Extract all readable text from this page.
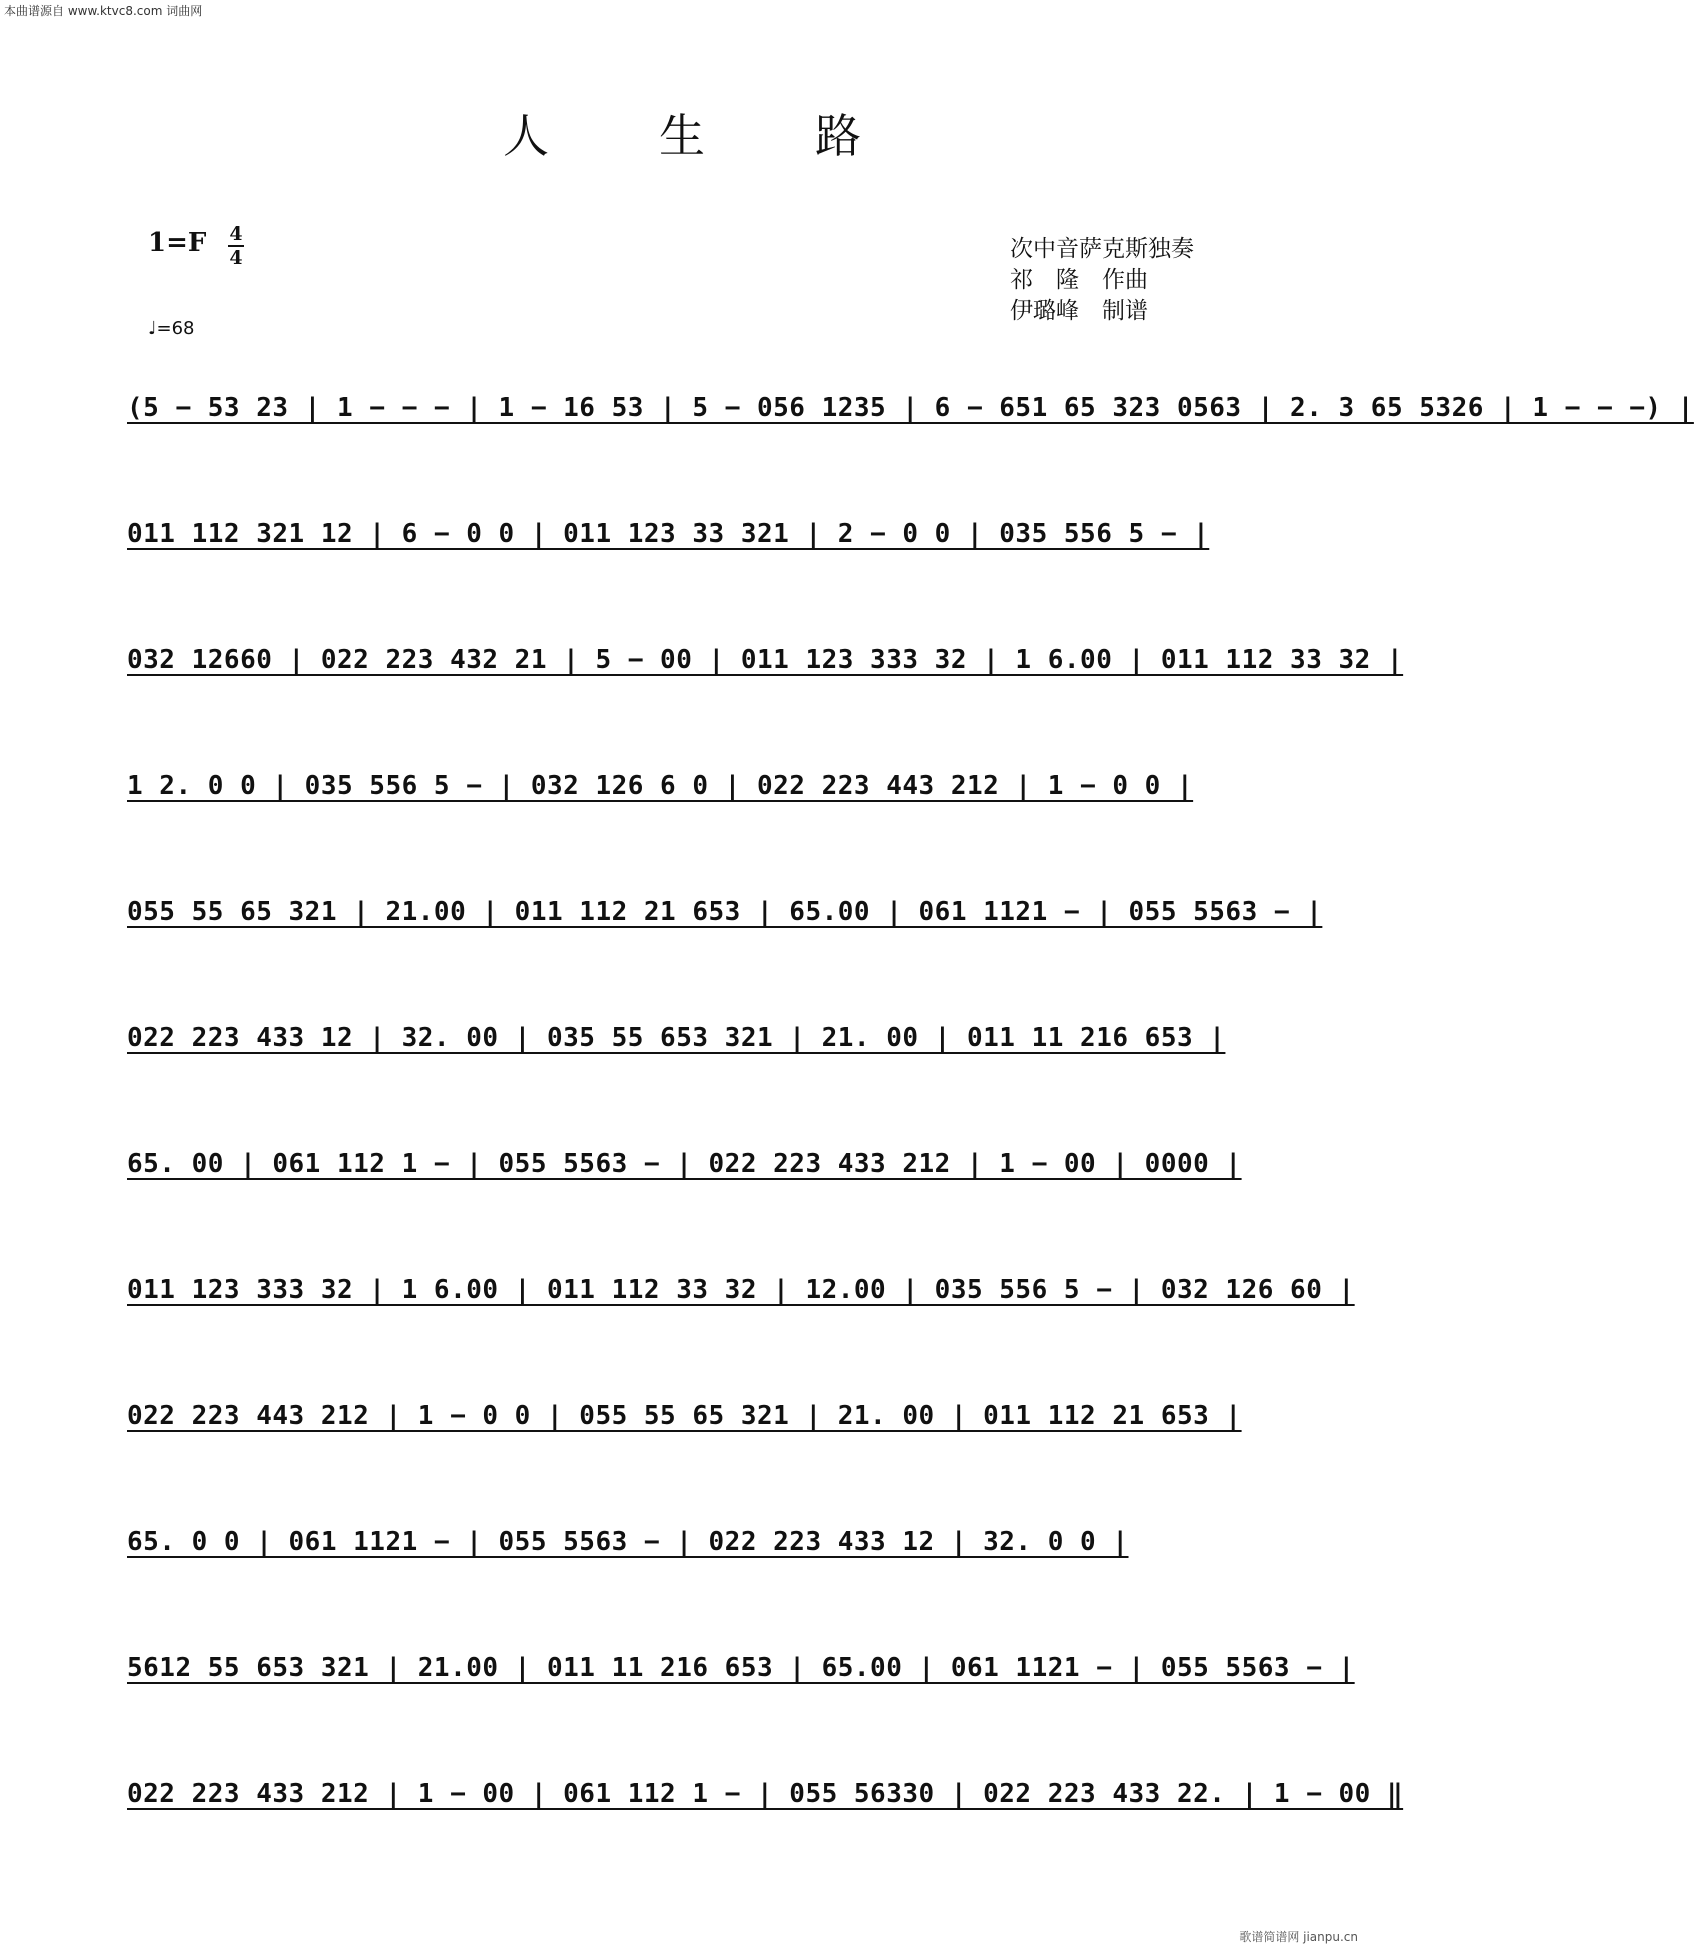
本曲谱源自 www.ktvc8.com 词曲网
人生路
1=F 4
4
♩=68
次中音萨克斯独奏
祁　隆　作曲
伊璐峰　制谱
(5 − 53 23 | 1 − − − | 1 − 16 53 | 5 − 056 1235 | 6 − 651 65 323 0563 | 2. 3 65 5326 | 1 − − −) |
011 112 321 12 | 6 − 0 0 | 011 123 33 321 | 2 − 0 0 | 035 556 5 − |
032 12660 | 022 223 432 21 | 5 − 00 | 011 123 333 32 | 1 6.00 | 011 112 33 32 |
1 2. 0 0 | 035 556 5 − | 032 126 6 0 | 022 223 443 212 | 1 − 0 0 |
055 55 65 321 | 21.00 | 011 112 21 653 | 65.00 | 061 1121 − | 055 5563 − |
022 223 433 12 | 32. 00 | 035 55 653 321 | 21. 00 | 011 11 216 653 |
65. 00 | 061 112 1 − | 055 5563 − | 022 223 433 212 | 1 − 00 | 0000 |
011 123 333 32 | 1 6.00 | 011 112 33 32 | 12.00 | 035 556 5 − | 032 126 60 |
022 223 443 212 | 1 − 0 0 | 055 55 65 321 | 21. 00 | 011 112 21 653 |
65. 0 0 | 061 1121 − | 055 5563 − | 022 223 433 12 | 32. 0 0 |
5612 55 653 321 | 21.00 | 011 11 216 653 | 65.00 | 061 1121 − | 055 5563 − |
022 223 433 212 | 1 − 00 | 061 112 1 − | 055 56330 | 022 223 433 22. | 1 − 00 ‖
歌谱简谱网 jianpu.cn
